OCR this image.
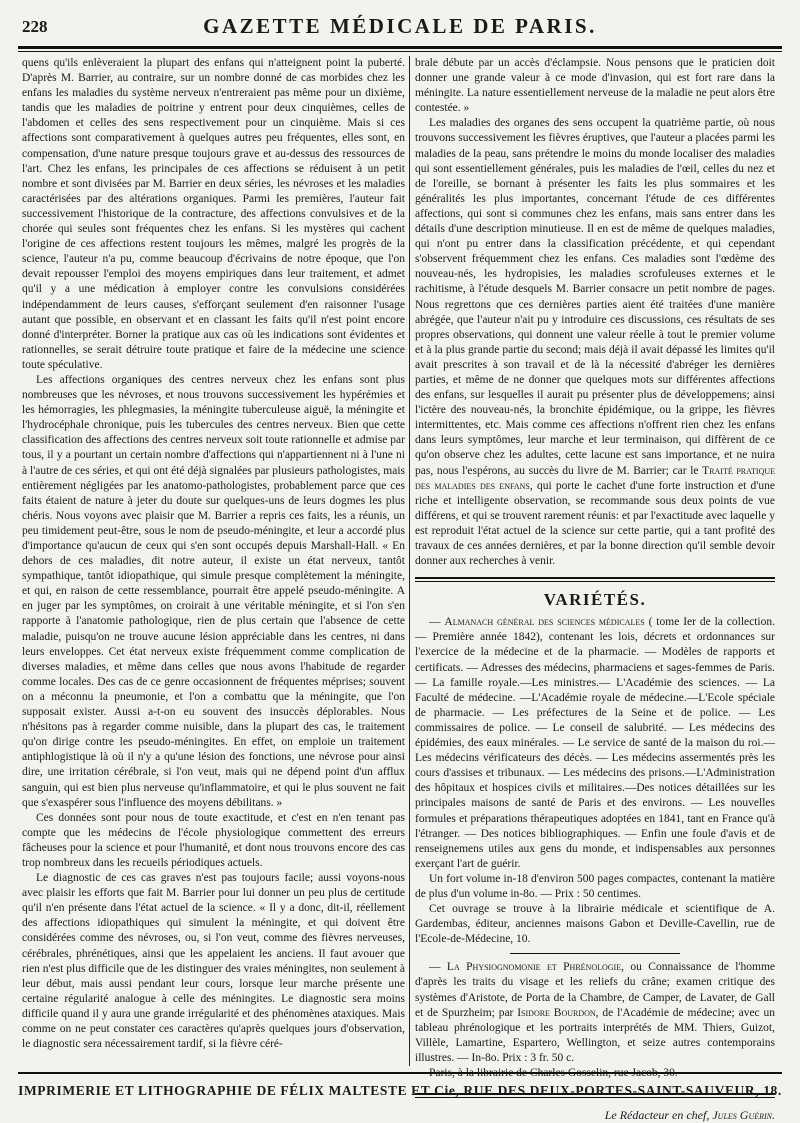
228	GAZETTE MÉDICALE DE PARIS.

quens qu'ils enlèveraient la plupart des enfans qui n'atteignent point la puberté. D'après M. Barrier, au contraire, sur un nombre donné de cas morbides chez les enfans les maladies du système nerveux n'entreraient pas même pour un dixième, tandis que les maladies de poitrine y entrent pour deux cinquièmes, celles de l'abdomen et celles des sens respectivement pour un cinquième. Mais si ces affections sont comparativement à quelques autres peu fréquentes, elles sont, en compensation, d'une nature presque toujours grave et au-dessus des ressources de l'art. Chez les enfans, les principales de ces affections se réduisent à un petit nombre et sont divisées par M. Barrier en deux séries, les névroses et les maladies caractérisées par des altérations organiques. Parmi les premières, l'auteur fait successivement l'historique de la contracture, des affections convulsives et de la chorée qui seules sont fréquentes chez les enfans. Si les mystères qui cachent l'origine de ces affections restent toujours les mêmes, malgré les progrès de la science, l'auteur n'a pu, comme beaucoup d'écrivains de notre époque, que l'on devait repousser l'emploi des moyens empiriques dans leur traitement, et admet qu'il y a une médication à employer contre les convulsions considérées indépendamment de leurs causes, s'efforçant seulement d'en raisonner l'usage autant que possible, en observant et en classant les faits qu'il n'est point encore donné d'interpréter. Borner la pratique aux cas où les indications sont évidentes et rationnelles, se serait détruire toute pratique et faire de la médecine une science toute spéculative.

Les affections organiques des centres nerveux chez les enfans sont plus nombreuses que les névroses, et nous trouvons successivement les hypérémies et les hémorragies, les phlegmasies, la méningite tuberculeuse aiguë, la méningite et l'hydrocéphale chronique, puis les tubercules des centres nerveux. Bien que cette classification des affections des centres nerveux soit toute rationnelle et admise par tous, il y a pourtant un certain nombre d'affections qui n'appartiennent ni à l'une ni à l'autre de ces séries, et qui ont été déjà signalées par plusieurs pathologistes, mais entièrement négligées par les anatomo-pathologistes, probablement parce que ces faits étaient de nature à jeter du doute sur quelques-uns de leurs dogmes les plus chéris. Nous voyons avec plaisir que M. Barrier a repris ces faits, les a réunis, un peu timidement peut-être, sous le nom de pseudo-méningite, et leur a accordé plus d'importance qu'aucun de ceux qui s'en sont occupés depuis Marshall-Hall. « En dehors de ces maladies, dit notre auteur, il existe un état nerveux, tantôt sympathique, tantôt idiopathique, qui simule presque complètement la méningite, et qui, en raison de cette ressemblance, pourrait être appelé pseudo-méningite. A en juger par les symptômes, on croirait à une véritable méningite, et si l'on s'en rapporte à l'anatomie pathologique, rien de plus certain que l'absence de cette maladie, puisqu'on ne trouve aucune lésion appréciable dans les centres, ni dans leurs enveloppes. Cet état nerveux existe fréquemment comme complication de diverses maladies, et même dans celles que nous avons l'habitude de regarder comme locales. Des cas de ce genre occasionnent de fréquentes méprises; souvent on a méconnu la pneumonie, et l'on a combattu que la méningite, que l'on supposait exister. Aussi a-t-on eu souvent des insuccès déplorables. Nous n'hésitons pas à regarder comme nuisible, dans la plupart des cas, le traitement qu'on dirige contre les pseudo-méningites. En effet, on emploie un traitement antiphlogistique là où il n'y a qu'une lésion des fonctions, une névrose pour ainsi dire, une irritation cérébrale, si l'on veut, mais qui ne dépend point d'un afflux sanguin, qui est bien plus nerveuse qu'inflammatoire, et qui le plus souvent ne fait que s'exaspérer sous l'influence des moyens débilitans. »

Ces données sont pour nous de toute exactitude, et c'est en n'en tenant pas compte que les médecins de l'école physiologique commettent des erreurs fâcheuses pour la science et pour l'humanité, et dont nous trouvons encore des cas trop nombreux dans les recueils périodiques actuels.

Le diagnostic de ces cas graves n'est pas toujours facile; aussi voyons-nous avec plaisir les efforts que fait M. Barrier pour lui donner un peu plus de certitude qu'il n'en présente dans l'état actuel de la science. « Il y a donc, dit-il, réellement des affections idiopathiques qui simulent la méningite, et qui doivent être considérées comme des névroses, ou, si l'on veut, comme des fièvres nerveuses, cérébrales, phrénétiques, ainsi que les appelaient les anciens. Il faut avouer que rien n'est plus difficile que de les distinguer des vraies méningites, non seulement à leur début, mais aussi pendant leur cours, lorsque leur marche présente une certaine régularité analogue à celle des méningites. Le diagnostic sera moins difficile quand il y aura une grande irrégularité et des phénomènes ataxiques. Mais comme on ne peut constater ces caractères qu'après quelques jours d'observation, le diagnostic sera nécessairement tardif, si la fièvre céré-

brale débute par un accès d'éclampsie. Nous pensons que le praticien doit donner une grande valeur à ce mode d'invasion, qui est fort rare dans la méningite. La nature essentiellement nerveuse de la maladie ne peut alors être contestée. »

Les maladies des organes des sens occupent la quatrième partie, où nous trouvons successivement les fièvres éruptives, que l'auteur a placées parmi les maladies de la peau, sans prétendre le moins du monde localiser des maladies qui sont essentiellement générales, puis les maladies de l'œil, celles du nez et de l'oreille, se bornant à présenter les faits les plus sommaires et les généralités les plus importantes, concernant l'étude de ces différentes affections, qui sont si communes chez les enfans, mais sans entrer dans les détails d'une description minutieuse. Il en est de même de quelques maladies, qui n'ont pu entrer dans la classification précédente, et qui cependant s'observent fréquemment chez les enfans. Ces maladies sont l'œdème des nouveau-nés, les hydropisies, les maladies scrofuleuses externes et le rachitisme, à l'étude desquels M. Barrier consacre un petit nombre de pages. Nous regrettons que ces dernières parties aient été traitées d'une manière abrégée, que l'auteur n'ait pu y introduire ces discussions, ces résultats de ses propres observations, qui donnent une valeur réelle à tout le premier volume et à la plus grande partie du second; mais déjà il avait dépassé les limites qu'il avait prescrites à son travail et de là la nécessité d'abréger les dernières parties, et même de ne donner que quelques mots sur différentes affections des enfans, sur lesquelles il aurait pu présenter plus de développemens; ainsi l'ictère des nouveau-nés, la bronchite épidémique, ou la grippe, les fièvres intermittentes, etc. Mais comme ces affections n'offrent rien chez les enfans dans leurs symptômes, leur marche et leur terminaison, qui diffèrent de ce qu'on observe chez les adultes, cette lacune est sans importance, et ne nuira pas, nous l'espérons, au succès du livre de M. Barrier; car le Traité pratique des maladies des enfans, qui porte le cachet d'une forte instruction et d'une riche et intelligente observation, se recommande sous deux points de vue différens, et qui se trouvent rarement réunis: et par l'exactitude avec laquelle y est reproduit l'état actuel de la science sur cette partie, qui a tant profité des travaux de ces années dernières, et par la bonne direction qu'il semble devoir donner aux recherches à venir.

VARIÉTÉS.

— Almanach général des sciences médicales ( tome Ier de la collection.— Première année 1842), contenant les lois, décrets et ordonnances sur l'exercice de la médecine et de la pharmacie. — Modèles de rapports et certificats. — Adresses des médecins, pharmaciens et sages-femmes de Paris. — La famille royale.—Les ministres.— L'Académie des sciences. — La Faculté de médecine. —L'Académie royale de médecine.—L'Ecole spéciale de pharmacie. — Les préfectures de la Seine et de police. — Les commissaires de police. — Le conseil de salubrité. — Les médecins des épidémies, des eaux minérales. — Le service de santé de la maison du roi.— Les médecins vérificateurs des décès. — Les médecins assermentés près les cours d'assises et tribunaux. — Les médecins des prisons.—L'Administration des hôpitaux et hospices civils et militaires.—Des notices détaillées sur les principales maisons de santé de Paris et des environs. — Les nouvelles formules et préparations thérapeutiques adoptées en 1841, tant en France qu'à l'étranger. — Des notices bibliographiques. — Enfin une foule d'avis et de renseignemens utiles aux gens du monde, et indispensables aux personnes exerçant l'art de guérir.

Un fort volume in-18 d'environ 500 pages compactes, contenant la matière de plus d'un volume in-8o. — Prix : 50 centimes.

Cet ouvrage se trouve à la librairie médicale et scientifique de A. Gardembas, éditeur, anciennes maisons Gabon et Deville-Cavellin, rue de l'Ecole-de-Médecine, 10.

— La Physiognomonie et Phrénologie, ou Connaissance de l'homme d'après les traits du visage et les reliefs du crâne; examen critique des systèmes d'Aristote, de Porta de la Chambre, de Camper, de Lavater, de Gall et de Spurzheim; par Isidore Bourdon, de l'Académie de médecine; avec un tableau phrénologique et les portraits interprétés de MM. Thiers, Guizot, Villèle, Lamartine, Espartero, Wellington, et seize autres contemporains illustres. — In-8o. Prix : 3 fr. 50 c.

Paris, à la librairie de Charles Gosselin, rue Jacob, 30.

Le Rédacteur en chef, Jules Guérin.
IMPRIMERIE ET LITHOGRAPHIE DE FÉLIX MALTESTE ET Cie, RUE DES DEUX-PORTES-SAINT-SAUVEUR, 18.
